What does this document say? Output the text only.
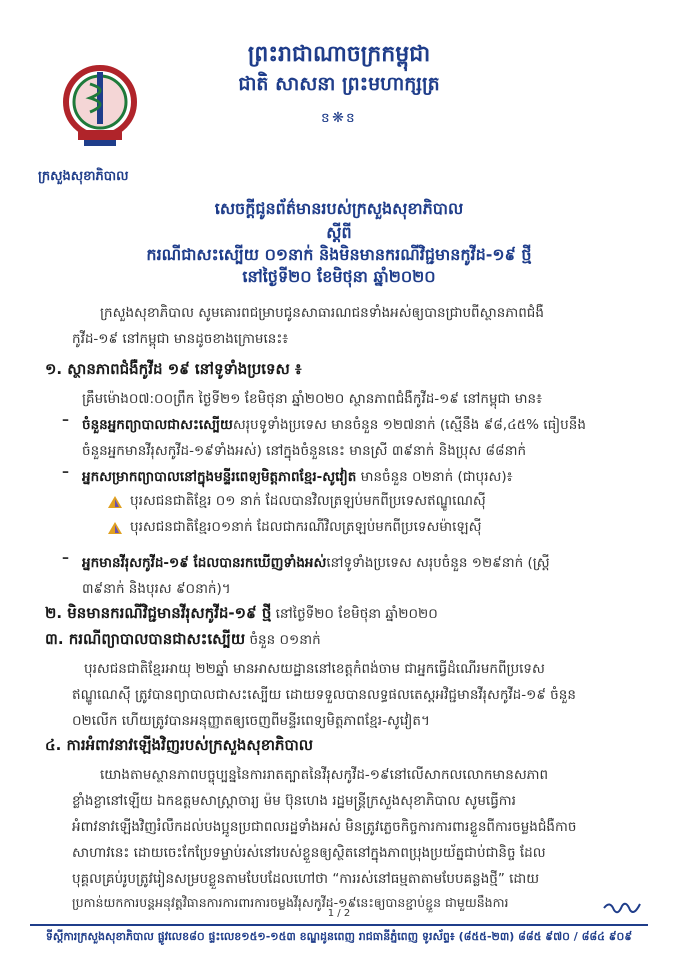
ក្រសួងសុខាភិបាល
ព្រះរាជាណាចក្រកម្ពុជា
ជាតិ សាសនា ព្រះមហាក្សត្រ
ៜ❋ៜ
សេចក្តីជូនព័ត៌មានរបស់ក្រសួងសុខាភិបាល
ស្តីពី
ករណីជាសះស្បើយ ០១នាក់ និងមិនមានករណីវិជ្ជមានកូវីដ-១៩ ថ្មី
នៅថ្ងៃទី២០ ខែមិថុនា ឆ្នាំ២០២០
ក្រសួងសុខាភិបាល សូមគោរពជម្រាបជូនសាធារណជនទាំងអស់ឲ្យបានជ្រាបពីស្ថានភាពជំងឺ
កូវីដ-១៩ នៅកម្ពុជា មានដូចខាងក្រោមនេះ៖
១. ស្ថានភាពជំងឺកូវីដ ១៩ នៅទូទាំងប្រទេស ៖
គ្រឹមម៉ោង០៧:០០ព្រឹក ថ្ងៃទី២១ ខែមិថុនា ឆ្នាំ២០២០ ស្ថានភាពជំងឺកូវីដ-១៩ នៅកម្ពុជា មាន៖
– ចំនួនអ្នកព្យាបាលជាសះស្បើយសរុបទូទាំងប្រទេស មានចំនួន ១២៧នាក់ (ស្មើនឹង ៩៨,៤៥% ធៀបនឹង
ចំនួនអ្នកមានវីរុសកូវីដ-១៩ទាំងអស់) នៅក្នុងចំនួននេះ មានស្រី ៣៩នាក់ និងប្រុស ៨៨នាក់
– អ្នកសម្រាកព្យាបាលនៅក្នុងមន្ទីរពេទ្យមិត្តភាពខ្មែរ-សូវៀត មានចំនួន ០២នាក់ (ជាបុរស)៖
បុរសជនជាតិខ្មែរ ០១ នាក់ ដែលបានវិលត្រឡប់មកពីប្រទេសឥណ្ឌូណេស៊ី
បុរសជនជាតិខ្មែរ០១នាក់ ដែលជាករណីវិលត្រឡប់មកពីប្រទេសម៉ាឡេស៊ី
– អ្នកមានវីរុសកូវីដ-១៩ ដែលបានរកឃើញទាំងអស់នៅទូទាំងប្រទេស សរុបចំនួន ១២៩នាក់ (ស្ត្រី
៣៩នាក់ និងបុរស ៩០នាក់)។
២. មិនមានករណីវិជ្ជមានវីរុសកូវីដ-១៩ ថ្មី នៅថ្ងៃទី២០ ខែមិថុនា ឆ្នាំ២០២០
៣. ករណីព្យាបាលបានជាសះស្បើយ ចំនួន ០១នាក់
បុរសជនជាតិខ្មែរអាយុ ២២ឆ្នាំ មានអាសយដ្ឋាននៅខេត្តកំពង់ចាម ជាអ្នកធ្វើដំណើរមកពីប្រទេស
ឥណ្ឌូណេស៊ី ត្រូវបានព្យាបាលជាសះស្បើយ ដោយទទួលបានលទ្ធផលតេស្តអវិជ្ជមានវីរុសកូវីដ-១៩ ចំនួន
០២លើក ហើយត្រូវបានអនុញ្ញាតឲ្យចេញពីមន្ទីរពេទ្យមិត្តភាពខ្មែរ-សូវៀត។
៤. ការអំពាវនាវឡើងវិញរបស់ក្រសួងសុខាភិបាល
យោងតាមស្ថានភាពបច្ចុប្បន្ននៃការរាតត្បាតនៃវីរុសកូវីដ-១៩នៅលើសាកលលោកមានសភាព
ខ្លាំងខ្លានៅឡើយ ឯកឧត្តមសាស្ត្រាចារ្យ ម៉ម ប៊ុនហេង រដ្ឋមន្ត្រីក្រសួងសុខាភិបាល សូមធ្វើការ
អំពាវនាវឡើងវិញរំលឹកដល់បងប្អូនប្រជាពលរដ្ឋទាំងអស់ មិនត្រូវភ្លេចកិច្ចការការពារខ្លួនពីការចម្លងជំងឺកាច
សាហាវនេះ ដោយចេះកែប្រែទម្លាប់រស់នៅរបស់ខ្លួនឲ្យស្ថិតនៅក្នុងភាពប្រុងប្រយ័ត្នជាប់ជានិច្ច ដែល
បុគ្គលគ្រប់រូបត្រូវរៀនសម្របខ្លួនតាមបែបដែលហៅថា “ការរស់នៅធម្មតាតាមបែបគន្លងថ្មី” ដោយ
ប្រកាន់យកការបន្តអនុវត្តវិធានការការពារការចម្លងវីរុសកូវីដ-១៩នេះឲ្យបានខ្ជាប់ខ្ជួន ជាមួយនឹងការ
1 / 2
ទីស្តីការក្រសួងសុខាភិបាល ផ្លូវលេខ៨០ ផ្ទះលេខ១៥១-១៥៣ ខណ្ឌដូនពេញ រាជធានីភ្នំពេញ ទូរស័ព្ទ៖ (៨៥៥-២៣) ៨៨៥ ៩៧០ / ៨៨៤ ៩០៩
